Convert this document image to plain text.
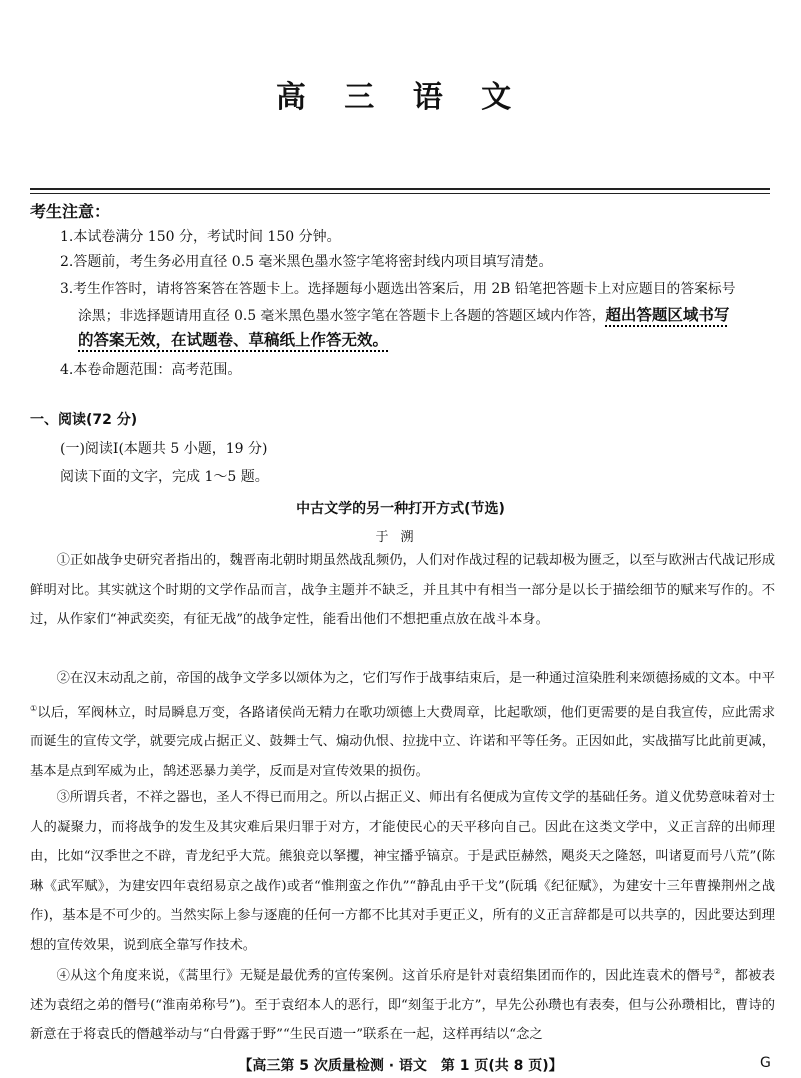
高 三 语 文
考生注意：
1.本试卷满分 150 分，考试时间 150 分钟。
2.答题前，考生务必用直径 0.5 毫米黑色墨水签字笔将密封线内项目填写清楚。
3.考生作答时，请将答案答在答题卡上。选择题每小题选出答案后，用 2B 铅笔把答题卡上对应题目的答案标号
涂黑；非选择题请用直径 0.5 毫米黑色墨水签字笔在答题卡上各题的答题区域内作答，超出答题区域书写
的答案无效，在试题卷、草稿纸上作答无效。
4.本卷命题范围：高考范围。
一、阅读(72 分)
(一)阅读Ⅰ(本题共 5 小题，19 分)
阅读下面的文字，完成 1～5 题。
中古文学的另一种打开方式(节选)
于溯
①正如战争史研究者指出的，魏晋南北朝时期虽然战乱频仍，人们对作战过程的记载却极为匮乏，以至与欧洲古代战记形成鲜明对比。其实就这个时期的文学作品而言，战争主题并不缺乏，并且其中有相当一部分是以长于描绘细节的赋来写作的。不过，从作家们“神武奕奕，有征无战”的战争定性，能看出他们不想把重点放在战斗本身。
②在汉末动乱之前，帝国的战争文学多以颂体为之，它们写作于战事结束后，是一种通过渲染胜利来颂德扬威的文本。中平①以后，军阀林立，时局瞬息万变，各路诸侯尚无精力在歌功颂德上大费周章，比起歌颂，他们更需要的是自我宣传，应此需求而诞生的宣传文学，就要完成占据正义、鼓舞士气、煽动仇恨、拉拢中立、许诺和平等任务。正因如此，实战描写比此前更减，基本是点到军威为止，鹄述恶暴力美学，反而是对宣传效果的损伤。
③所谓兵者，不祥之器也，圣人不得已而用之。所以占据正义、师出有名便成为宣传文学的基础任务。道义优势意味着对士人的凝聚力，而将战争的发生及其灾难后果归罪于对方，才能使民心的天平移向自己。因此在这类文学中，义正言辞的出师理由，比如“汉季世之不辟，青龙纪乎大荒。熊狼竞以拏攫，神宝播乎镐京。于是武臣赫然，飓炎天之隆怒，叫诸夏而号八荒”(陈琳《武军赋》，为建安四年袁绍易京之战作)或者“惟荆蛮之作仇”“静乱由乎干戈”(阮瑀《纪征赋》，为建安十三年曹操荆州之战作)，基本是不可少的。当然实际上参与逐鹿的任何一方都不比其对手更正义，所有的义正言辞都是可以共享的，因此要达到理想的宣传效果，说到底全靠写作技术。
④从这个角度来说，《蒿里行》无疑是最优秀的宣传案例。这首乐府是针对袁绍集团而作的，因此连袁术的僭号②，都被表述为袁绍之弟的僭号(“淮南弟称号”)。至于袁绍本人的恶行，即“刻玺于北方”，早先公孙瓒也有表奏，但与公孙瓒相比，曹诗的新意在于将袁氏的僭越举动与“白骨露于野”“生民百遗一”联系在一起，这样再结以“念之
【高三第 5 次质量检测 · 语文　第 1 页(共 8 页)】	G
